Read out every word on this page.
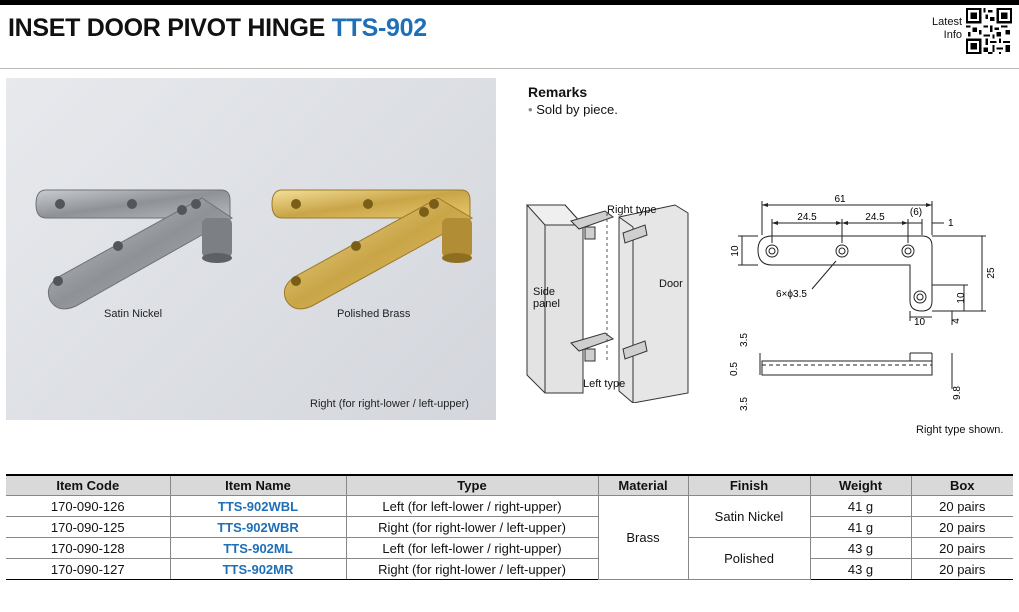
INSET DOOR PIVOT HINGE TTS-902	Latest
Info
Satin Nickel	Polished Brass
Right (for right-lower / left-upper)
Remarks
• Sold by piece.
Right type
Side
panel
Door
Left type
61
24.5	24.5	(6)
1
10
25
10
6×ϕ3.5
10	4
3.5
0.5
3.5
9.8
Right type shown.
Item Code	Item Name	Type	Material	Finish	Weight	Box
170-090-126	TTS-902WBL	Left (for left-lower / right-upper)	Brass	Satin Nickel	41 g	20 pairs
170-090-125	TTS-902WBR	Right (for right-lower / left-upper)			41 g	20 pairs
170-090-128	TTS-902ML	Left (for left-lower / right-upper)		Polished	43 g	20 pairs
170-090-127	TTS-902MR	Right (for right-lower / left-upper)			43 g	20 pairs
